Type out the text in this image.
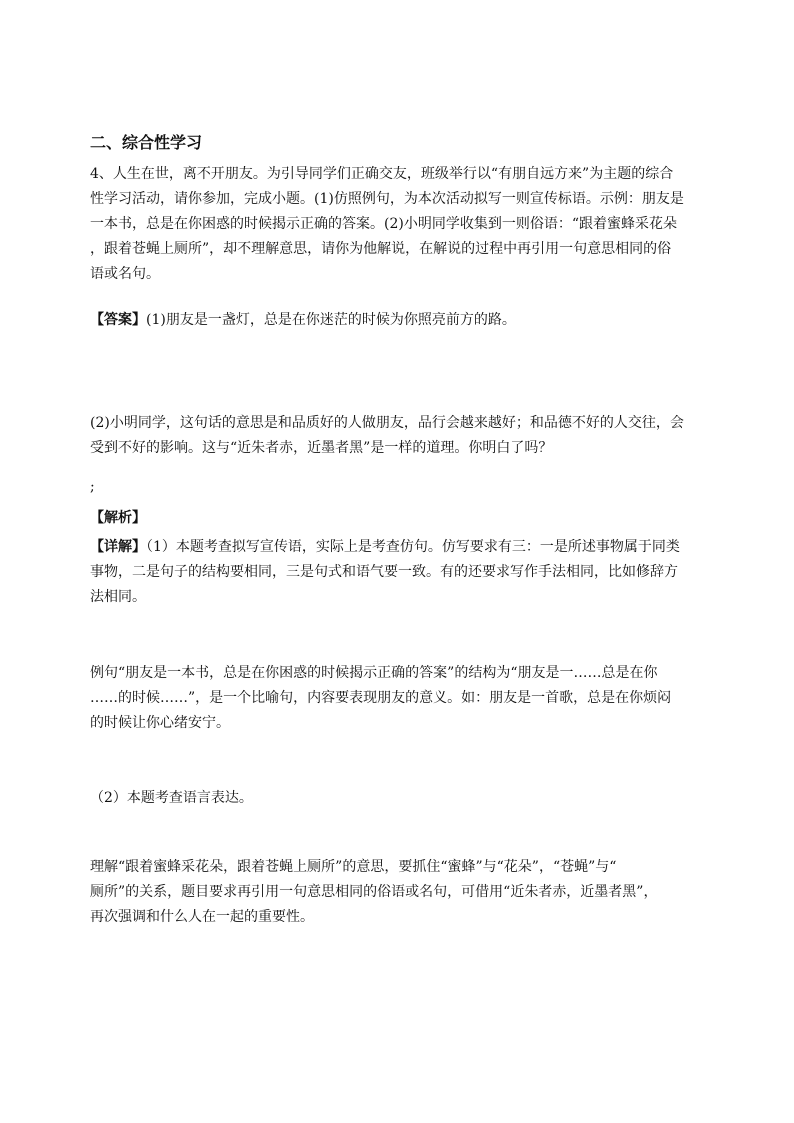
二、综合性学习
4、人生在世，离不开朋友。为引导同学们正确交友，班级举行以“有朋自远方来”为主题的综合
性学习活动，请你参加，完成小题。(1)仿照例句，为本次活动拟写一则宣传标语。示例：朋友是
一本书，总是在你困惑的时候揭示正确的答案。(2)小明同学收集到一则俗语：“跟着蜜蜂采花朵
，跟着苍蝇上厕所”，却不理解意思，请你为他解说，在解说的过程中再引用一句意思相同的俗
语或名句。
【答案】(1)朋友是一盏灯，总是在你迷茫的时候为你照亮前方的路。
(2)小明同学，这句话的意思是和品质好的人做朋友，品行会越来越好；和品德不好的人交往，会
受到不好的影响。这与“近朱者赤，近墨者黑”是一样的道理。你明白了吗？
;
【解析】
【详解】（1）本题考查拟写宣传语，实际上是考查仿句。仿写要求有三：一是所述事物属于同类
事物，二是句子的结构要相同，三是句式和语气要一致。有的还要求写作手法相同，比如修辞方
法相同。
例句“朋友是一本书，总是在你困惑的时候揭示正确的答案”的结构为“朋友是一……总是在你
……的时候……”，是一个比喻句，内容要表现朋友的意义。如：朋友是一首歌，总是在你烦闷
的时候让你心绪安宁。
（2）本题考查语言表达。
理解“跟着蜜蜂采花朵，跟着苍蝇上厕所”的意思，要抓住“蜜蜂”与“花朵”，“苍蝇”与“
厕所”的关系，题目要求再引用一句意思相同的俗语或名句，可借用“近朱者赤，近墨者黑”，
再次强调和什么人在一起的重要性。
